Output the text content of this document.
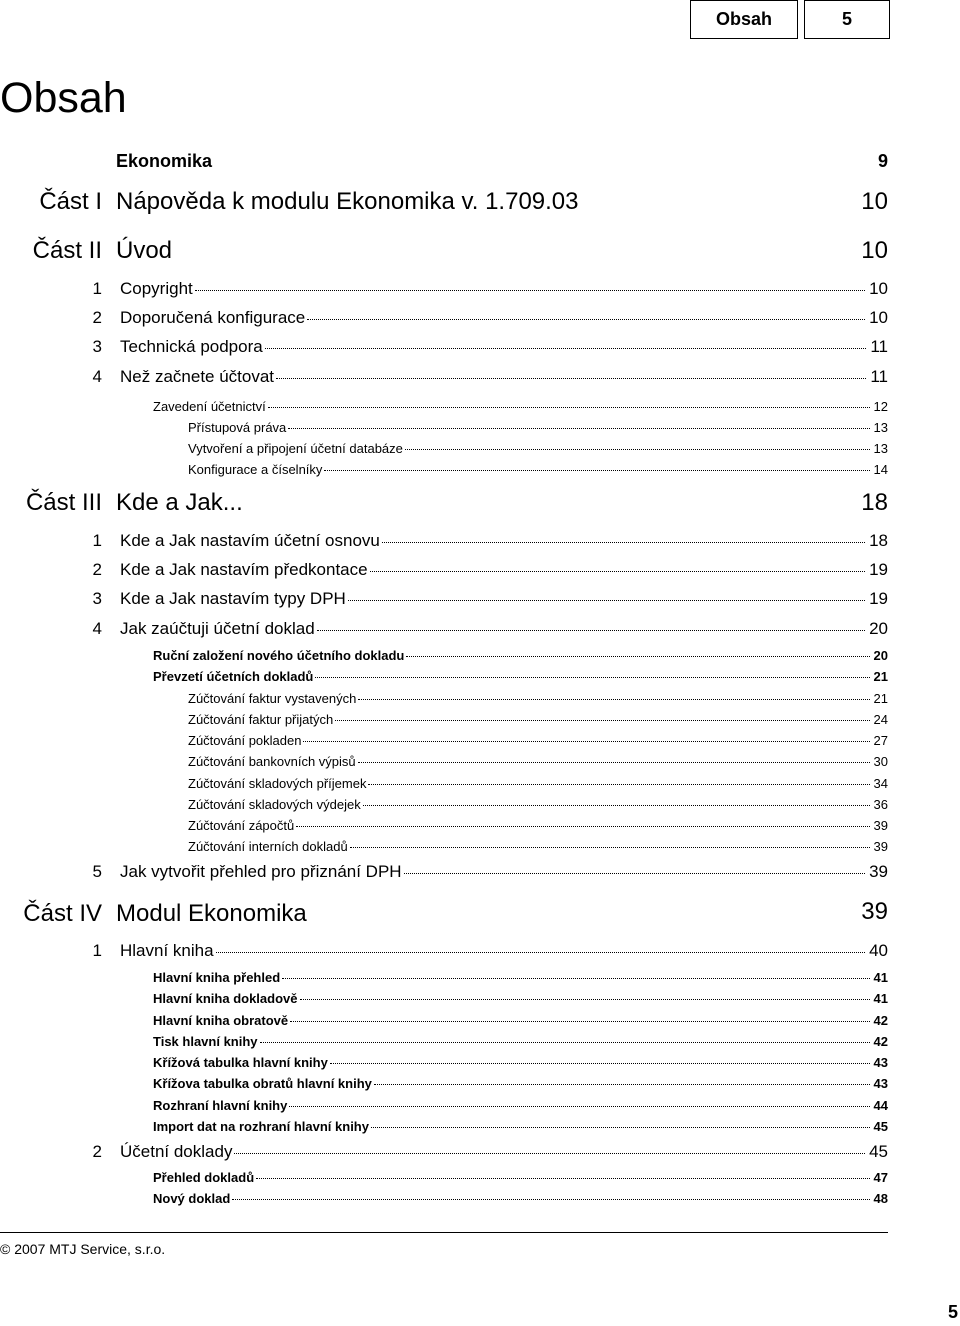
Obsah	5
Obsah
Ekonomika	9
Část I Nápověda k modulu Ekonomika v. 1.709.03	10
Část II Úvod	10
1 Copyright	10
2 Doporučená konfigurace	10
3 Technická podpora	11
4 Než začnete účtovat	11
Zavedení účetnictví	12
Přístupová práva	13
Vytvoření a připojení účetní databáze	13
Konfigurace a číselníky	14
Část III Kde a Jak...	18
1 Kde a Jak nastavím účetní osnovu	18
2 Kde a Jak nastavím předkontace	19
3 Kde a Jak nastavím typy DPH	19
4 Jak zaúčtuji účetní doklad	20
Ruční založení nového účetního dokladu	20
Převzetí účetních dokladů	21
Zúčtování faktur vystavených	21
Zúčtování faktur přijatých	24
Zúčtování pokladen	27
Zúčtování bankovních výpisů	30
Zúčtování skladových příjemek	34
Zúčtování skladových výdejek	36
Zúčtování zápočtů	39
Zúčtování interních dokladů	39
5 Jak vytvořit přehled pro přiznání DPH	39
Část IV Modul Ekonomika	39
1 Hlavní kniha	40
Hlavní kniha přehled	41
Hlavní kniha dokladově	41
Hlavní kniha obratově	42
Tisk hlavní knihy	42
Křížová tabulka hlavní knihy	43
Křížova tabulka obratů hlavní knihy	43
Rozhraní hlavní knihy	44
Import dat na rozhraní hlavní knihy	45
2 Účetní doklady	45
Přehled dokladů	47
Nový doklad	48
© 2007 MTJ Service, s.r.o.
5
